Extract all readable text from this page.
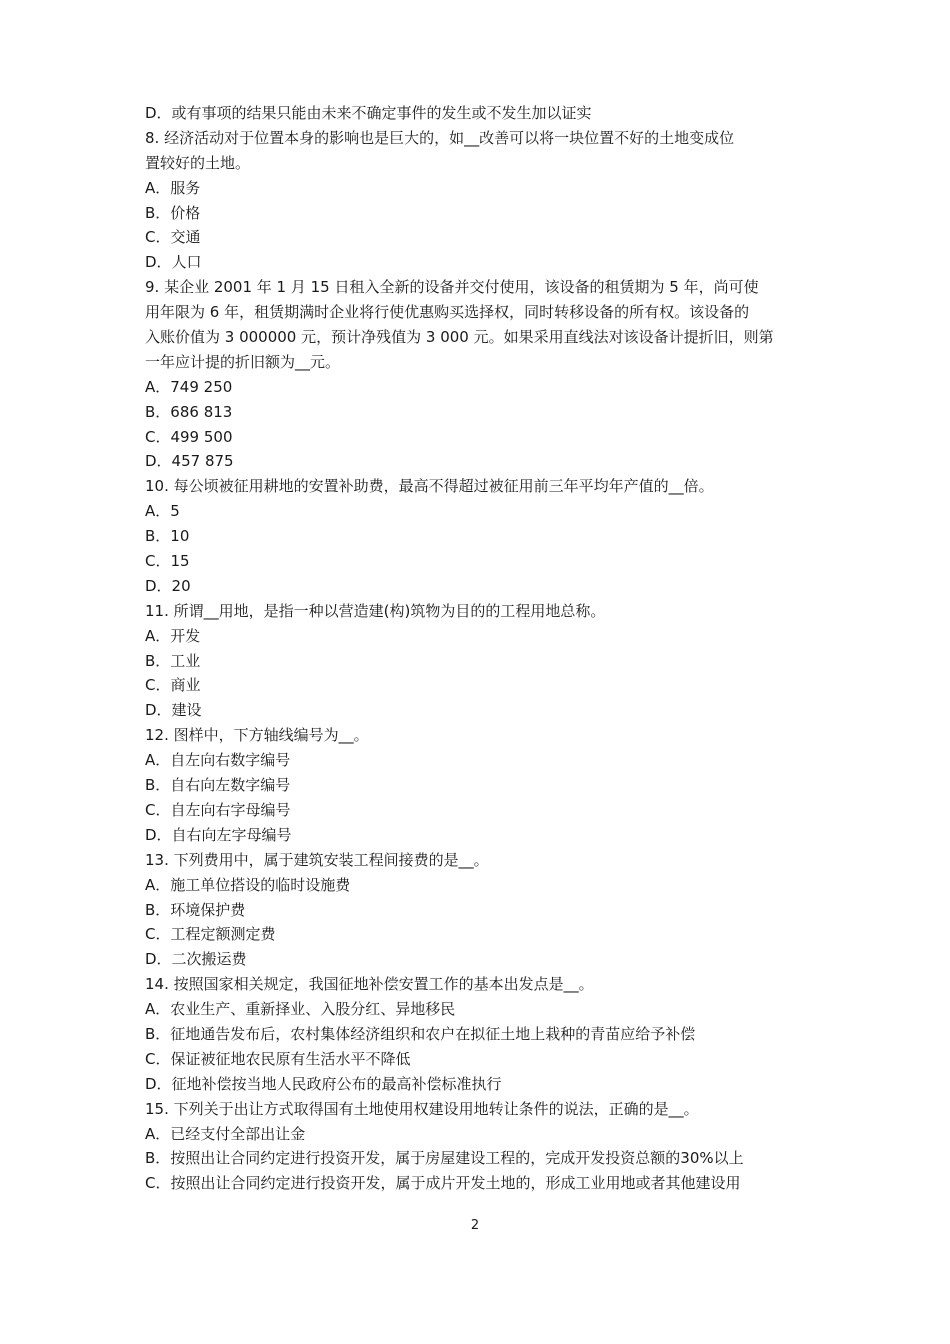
D．或有事项的结果只能由未来不确定事件的发生或不发生加以证实
8. 经济活动对于位置本身的影响也是巨大的，如__改善可以将一块位置不好的土地变成位
置较好的土地。
A．服务
B．价格
C．交通
D．人口
9. 某企业 2001 年 1 月 15 日租入全新的设备并交付使用，该设备的租赁期为 5 年，尚可使
用年限为 6 年，租赁期满时企业将行使优惠购买选择权，同时转移设备的所有权。该设备的
入账价值为 3 000000 元，预计净残值为 3 000 元。如果采用直线法对该设备计提折旧，则第
一年应计提的折旧额为__元。
A．749 250
B．686 813
C．499 500
D．457 875
10. 每公顷被征用耕地的安置补助费，最高不得超过被征用前三年平均年产值的__倍。
A．5
B．10
C．15
D．20
11. 所谓__用地，是指一种以营造建(构)筑物为目的的工程用地总称。
A．开发
B．工业
C．商业
D．建设
12. 图样中，下方轴线编号为__。
A．自左向右数字编号
B．自右向左数字编号
C．自左向右字母编号
D．自右向左字母编号
13. 下列费用中，属于建筑安装工程间接费的是__。
A．施工单位搭设的临时设施费
B．环境保护费
C．工程定额测定费
D．二次搬运费
14. 按照国家相关规定，我国征地补偿安置工作的基本出发点是__。
A．农业生产、重新择业、入股分红、异地移民
B．征地通告发布后，农村集体经济组织和农户在拟征土地上栽种的青苗应给予补偿
C．保证被征地农民原有生活水平不降低
D．征地补偿按当地人民政府公布的最高补偿标准执行
15. 下列关于出让方式取得国有土地使用权建设用地转让条件的说法，正确的是__。
A．已经支付全部出让金
B．按照出让合同约定进行投资开发，属于房屋建设工程的，完成开发投资总额的30%以上
C．按照出让合同约定进行投资开发，属于成片开发土地的，形成工业用地或者其他建设用
2
